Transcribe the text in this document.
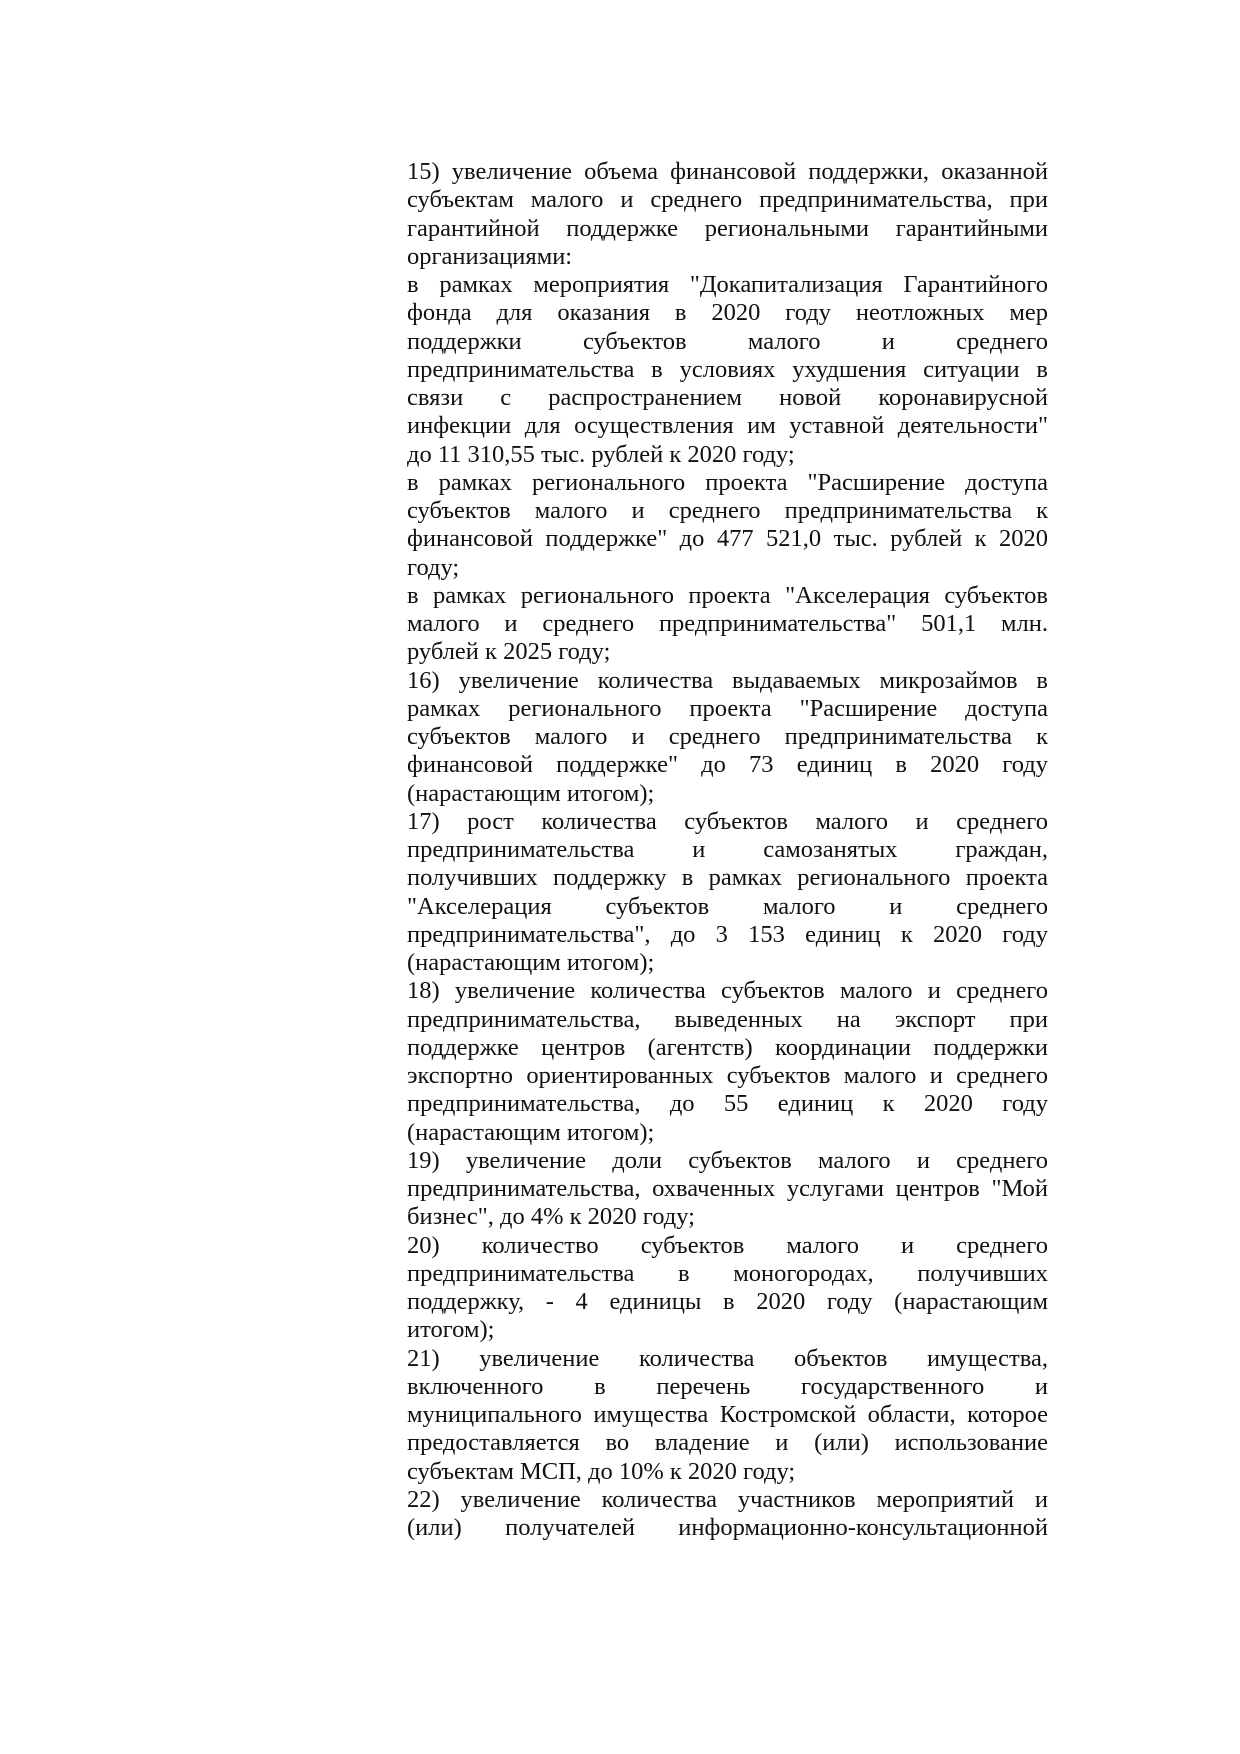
15) увеличение объема финансовой поддержки, оказанной
субъектам малого и среднего предпринимательства, при
гарантийной поддержке региональными гарантийными
организациями:
в рамках мероприятия "Докапитализация Гарантийного
фонда для оказания в 2020 году неотложных мер
поддержки субъектов малого и среднего
предпринимательства в условиях ухудшения ситуации в
связи с распространением новой коронавирусной
инфекции для осуществления им уставной деятельности"
до 11 310,55 тыс. рублей к 2020 году;
в рамках регионального проекта "Расширение доступа
субъектов малого и среднего предпринимательства к
финансовой поддержке" до 477 521,0 тыс. рублей к 2020
году;
в рамках регионального проекта "Акселерация субъектов
малого и среднего предпринимательства" 501,1 млн.
рублей к 2025 году;
16) увеличение количества выдаваемых микрозаймов в
рамках регионального проекта "Расширение доступа
субъектов малого и среднего предпринимательства к
финансовой поддержке" до 73 единиц в 2020 году
(нарастающим итогом);
17) рост количества субъектов малого и среднего
предпринимательства и самозанятых граждан,
получивших поддержку в рамках регионального проекта
"Акселерация субъектов малого и среднего
предпринимательства", до 3 153 единиц к 2020 году
(нарастающим итогом);
18) увеличение количества субъектов малого и среднего
предпринимательства, выведенных на экспорт при
поддержке центров (агентств) координации поддержки
экспортно ориентированных субъектов малого и среднего
предпринимательства, до 55 единиц к 2020 году
(нарастающим итогом);
19) увеличение доли субъектов малого и среднего
предпринимательства, охваченных услугами центров "Мой
бизнес", до 4% к 2020 году;
20) количество субъектов малого и среднего
предпринимательства в моногородах, получивших
поддержку, - 4 единицы в 2020 году (нарастающим
итогом);
21) увеличение количества объектов имущества,
включенного в перечень государственного и
муниципального имущества Костромской области, которое
предоставляется во владение и (или) использование
субъектам МСП, до 10% к 2020 году;
22) увеличение количества участников мероприятий и
(или) получателей информационно-консультационной
